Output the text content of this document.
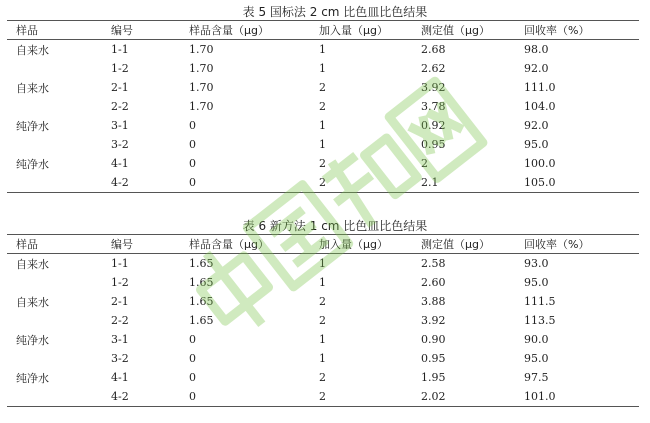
表 5 国标法 2 cm 比色皿比色结果
样品	编号	样品含量（μg）	加入量（μg）	测定值（μg）	回收率（%）
自来水	1-1	1.70	1	2.68	98.0
	1-2	1.70	1	2.62	92.0
自来水	2-1	1.70	2	3.92	111.0
	2-2	1.70	2	3.78	104.0
纯净水	3-1	0	1	0.92	92.0
	3-2	0	1	0.95	95.0
纯净水	4-1	0	2	2	100.0
	4-2	0	2	2.1	105.0
表 6 新方法 1 cm 比色皿比色结果
样品	编号	样品含量（μg）	加入量（μg）	测定值（μg）	回收率（%）
自来水	1-1	1.65	1	2.58	93.0
	1-2	1.65	1	2.60	95.0
自来水	2-1	1.65	2	3.88	111.5
	2-2	1.65	2	3.92	113.5
纯净水	3-1	0	1	0.90	90.0
	3-2	0	1	0.95	95.0
纯净水	4-1	0	2	1.95	97.5
	4-2	0	2	2.02	101.0
